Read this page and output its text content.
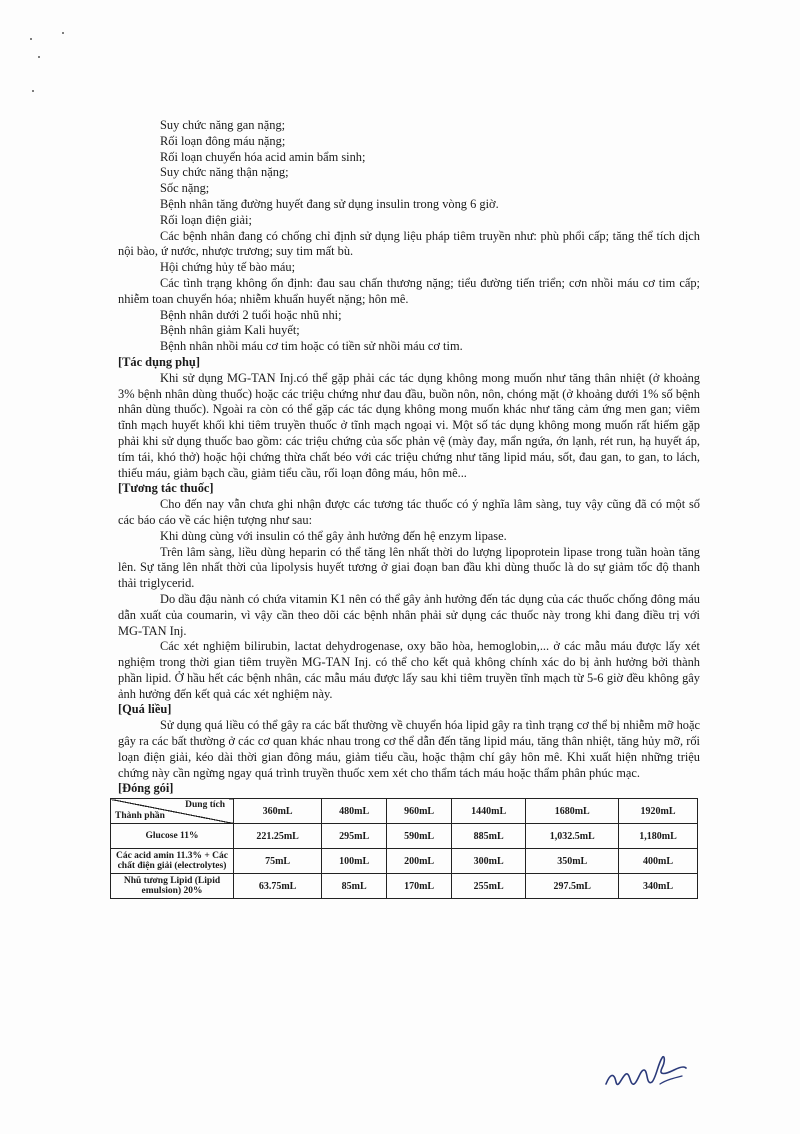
Suy chức năng gan nặng;

Rối loạn đông máu nặng;

Rối loạn chuyển hóa acid amin bẩm sinh;

Suy chức năng thận nặng;

Sốc nặng;

Bệnh nhân tăng đường huyết đang sử dụng insulin trong vòng 6 giờ.

Rối loạn điện giải;

Các bệnh nhân đang có chống chỉ định sử dụng liệu pháp tiêm truyền như: phù phổi cấp; tăng thể tích dịch nội bào, ứ nước, nhược trương; suy tim mất bù.

Hội chứng hủy tế bào máu;

Các tình trạng không ổn định: đau sau chấn thương nặng; tiểu đường tiến triển; cơn nhồi máu cơ tim cấp; nhiễm toan chuyển hóa; nhiễm khuẩn huyết nặng; hôn mê.

Bệnh nhân dưới 2 tuổi hoặc nhũ nhi;

Bệnh nhân giảm Kali huyết;

Bệnh nhân nhồi máu cơ tim hoặc có tiền sử nhồi máu cơ tim.

[Tác dụng phụ]

Khi sử dụng MG-TAN Inj.có thể gặp phải các tác dụng không mong muốn như tăng thân nhiệt (ở khoảng 3% bệnh nhân dùng thuốc) hoặc các triệu chứng như đau đầu, buồn nôn, nôn, chóng mặt (ở khoảng dưới 1% số bệnh nhân dùng thuốc). Ngoài ra còn có thể gặp các tác dụng không mong muốn khác như tăng cảm ứng men gan; viêm tĩnh mạch huyết khối khi tiêm truyền thuốc ở tĩnh mạch ngoại vi. Một số tác dụng không mong muốn rất hiếm gặp phải khi sử dụng thuốc bao gồm: các triệu chứng của sốc phản vệ (mày đay, mẩn ngứa, ớn lạnh, rét run, hạ huyết áp, tím tái, khó thở) hoặc hội chứng thừa chất béo với các triệu chứng như tăng lipid máu, sốt, đau gan, to gan, to lách, thiếu máu, giảm bạch cầu, giảm tiểu cầu, rối loạn đông máu, hôn mê...

[Tương tác thuốc]

Cho đến nay vẫn chưa ghi nhận được các tương tác thuốc có ý nghĩa lâm sàng, tuy vậy cũng đã có một số các báo cáo về các hiện tượng như sau:

Khi dùng cùng với insulin có thể gây ảnh hưởng đến hệ enzym lipase.

Trên lâm sàng, liều dùng heparin có thể tăng lên nhất thời do lượng lipoprotein lipase trong tuần hoàn tăng lên. Sự tăng lên nhất thời của lipolysis huyết tương ở giai đoạn ban đầu khi dùng thuốc là do sự giảm tốc độ thanh thải triglycerid.

Do dầu đậu nành có chứa vitamin K1 nên có thể gây ảnh hưởng đến tác dụng của các thuốc chống đông máu dẫn xuất của coumarin, vì vậy cần theo dõi các bệnh nhân phải sử dụng các thuốc này trong khi đang điều trị với MG-TAN Inj.

Các xét nghiệm bilirubin, lactat dehydrogenase, oxy bão hòa, hemoglobin,... ở các mẫu máu được lấy xét nghiệm trong thời gian tiêm truyền MG-TAN Inj. có thể cho kết quả không chính xác do bị ảnh hưởng bởi thành phần lipid. Ở hầu hết các bệnh nhân, các mẫu máu được lấy sau khi tiêm truyền tĩnh mạch từ 5-6 giờ đều không gây ảnh hưởng đến kết quả các xét nghiệm này.

[Quá liều]

Sử dụng quá liều có thể gây ra các bất thường về chuyển hóa lipid gây ra tình trạng cơ thể bị nhiễm mỡ hoặc gây ra các bất thường ở các cơ quan khác nhau trong cơ thể dẫn đến tăng lipid máu, tăng thân nhiệt, tăng hủy mỡ, rối loạn điện giải, kéo dài thời gian đông máu, giảm tiểu cầu, hoặc thậm chí gây hôn mê. Khi xuất hiện những triệu chứng này cần ngừng ngay quá trình truyền thuốc xem xét cho thẩm tách máu hoặc thẩm phân phúc mạc.

[Đóng gói]

Dung tích
Thành phần	360mL	480mL	960mL	1440mL	1680mL	1920mL
Glucose 11%	221.25mL	295mL	590mL	885mL	1,032.5mL	1,180mL
Các acid amin 11.3% + Các chất điện giải (electrolytes)	75mL	100mL	200mL	300mL	350mL	400mL
Nhũ tương Lipid (Lipid emulsion) 20%	63.75mL	85mL	170mL	255mL	297.5mL	340mL
